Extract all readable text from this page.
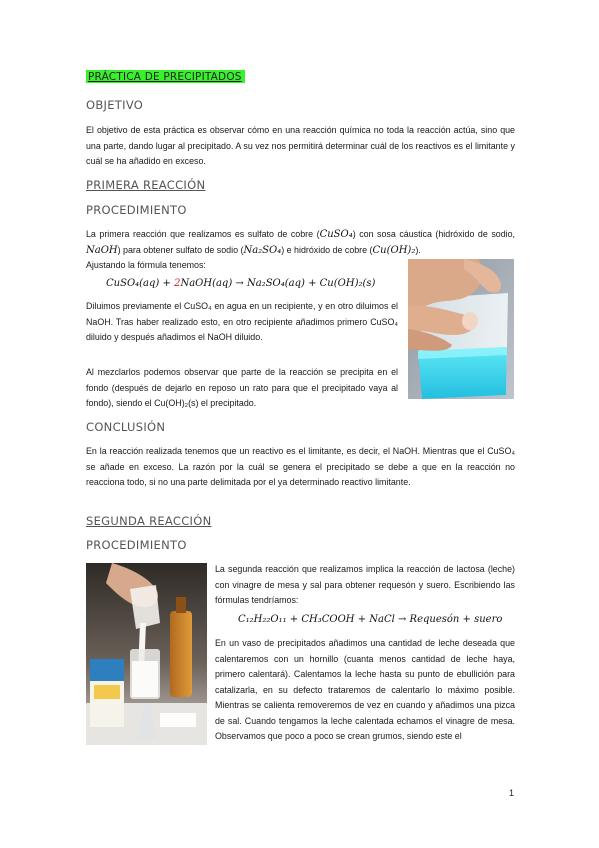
PRÁCTICA DE PRECIPITADOS
OBJETIVO

El objetivo de esta práctica es observar cómo en una reacción química no toda la reacción actúa, sino que una parte, dando lugar al precipitado. A su vez nos permitirá determinar cuál de los reactivos es el limitante y cuál se ha añadido en exceso.

PRIMERA REACCIÓN
PROCEDIMIENTO

La primera reacción que realizamos es sulfato de cobre (CuSO₄) con sosa cáustica (hidróxido de sodio, NaOH) para obtener sulfato de sodio (Na₂SO₄) e hidróxido de cobre (Cu(OH)₂).
Ajustando la fórmula tenemos:

CuSO₄(aq) + 2NaOH(aq) → Na₂SO₄(aq) + Cu(OH)₂(s)

Diluimos previamente el CuSO₄ en agua en un recipiente, y en otro diluimos el NaOH. Tras haber realizado esto, en otro recipiente añadimos primero CuSO₄ diluido y después añadimos el NaOH diluido.

Al mezclarlos podemos observar que parte de la reacción se precipita en el fondo (después de dejarlo en reposo un rato para que el precipitado vaya al fondo), siendo el Cu(OH)₂(s) el precipitado.

CONCLUSIÓN

En la reacción realizada tenemos que un reactivo es el limitante, es decir, el NaOH. Mientras que el CuSO₄ se añade en exceso. La razón por la cuál se genera el precipitado se debe a que en la reacción no reacciona todo, si no una parte delimitada por el ya determinado reactivo limitante.

SEGUNDA REACCIÓN
PROCEDIMIENTO

La segunda reacción que realizamos implica la reacción de lactosa (leche) con vinagre de mesa y sal para obtener requesón y suero. Escribiendo las fórmulas tendríamos:

C₁₂H₂₂O₁₁ + CH₃COOH + NaCl → Requesón + suero

En un vaso de precipitados añadimos una cantidad de leche deseada que calentaremos con un hornillo (cuanta menos cantidad de leche haya, primero calentará). Calentamos la leche hasta su punto de ebullición para catalizarla, en su defecto trataremos de calentarlo lo máximo posible. Mientras se calienta removeremos de vez en cuando y añadimos una pizca de sal. Cuando tengamos la leche calentada echamos el vinagre de mesa. Observamos que poco a poco se crean grumos, siendo este el

1
